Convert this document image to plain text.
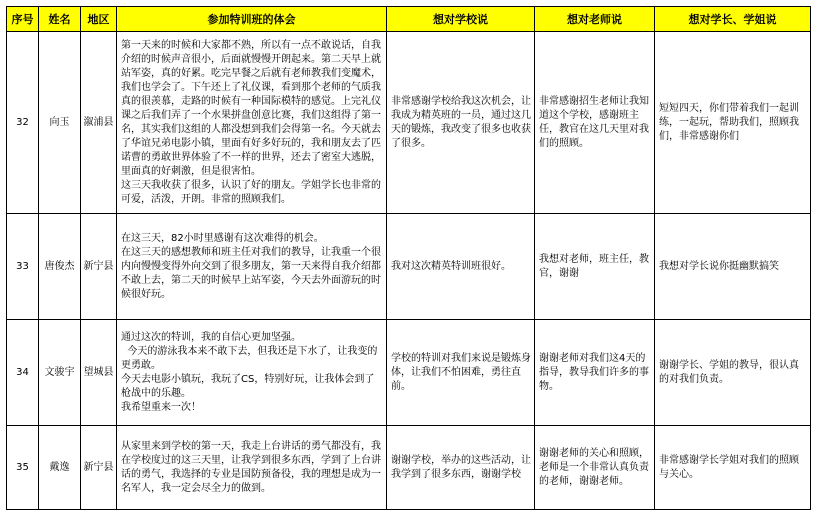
序号	姓名	地区	参加特训班的体会	想对学校说	想对老师说	想对学长、学姐说
32	向玉	溆浦县	第一天来的时候和大家都不熟，所以有一点不敢说话，自我介绍的时候声音很小，后面就慢慢开朗起来。第二天早上就站军姿，真的好累。吃完早餐之后就有老师教我们变魔术，我们也学会了。下午还上了礼仪课，看到那个老师的气质我真的很羡慕，走路的时候有一种国际模特的感觉。上完礼仪课之后我们弄了一个水果拼盘创意比赛，我们这组得了第一名，其实我们这组的人都没想到我们会得第一名。今天就去了华谊兄弟电影小镇，里面有好多好玩的，我和朋友去了匹诺曹的勇敢世界体验了不一样的世界，还去了密室大逃脱，里面真的好刺激，但是很害怕。
这三天我收获了很多，认识了好的朋友。学姐学长也非常的可爱，活泼，开朗。非常的照顾我们。	非常感谢学校给我这次机会，让我成为精英班的一员，通过这几天的锻炼，我改变了很多也收获了很多。	非常感谢招生老师让我知道这个学校，感谢班主任，教官在这几天里对我们的照顾。	短短四天，你们带着我们一起训练，一起玩，帮助我们，照顾我们，非常感谢你们

33	唐俊杰	新宁县	在这三天，82小时里感谢有这次难得的机会。
在这三天的感想教师和班主任对我们的教导，让我重一个很内向慢慢变得外向交到了很多朋友，第一天来得自我介绍都不敢上去，第二天的时候早上站军姿，今天去外面游玩的时候很好玩。	我对这次精英特训班很好。	我想对老师，班主任，教官，谢谢	我想对学长说你挺幽默搞笑

34	文骏宇	望城县	通过这次的特训，我的自信心更加坚强。
今天的游泳我本来不敢下去，但我还是下水了，让我变的更勇敢。
今天去电影小镇玩，我玩了CS，特别好玩，让我体会到了枪战中的乐趣。
我希望重来一次！	学校的特训对我们来说是锻炼身体，让我们不怕困难，勇往直前。	谢谢老师对我们这4天的指导，教导我们许多的事物。	谢谢学长、学姐的教导，很认真的对我们负责。

35	戴逸	新宁县	从家里来到学校的第一天，我走上台讲话的勇气都没有，我在学校度过的这三天里，让我学到很多东西，学到了上台讲话的勇气，我选择的专业是国防预备役，我的理想是成为一名军人，我一定会尽全力的做到。	谢谢学校，举办的这些活动，让我学到了很多东西，谢谢学校	谢谢老师的关心和照顾，老师是一个非常认真负责的老师，谢谢老师。	非常感谢学长学姐对我们的照顾与关心。
